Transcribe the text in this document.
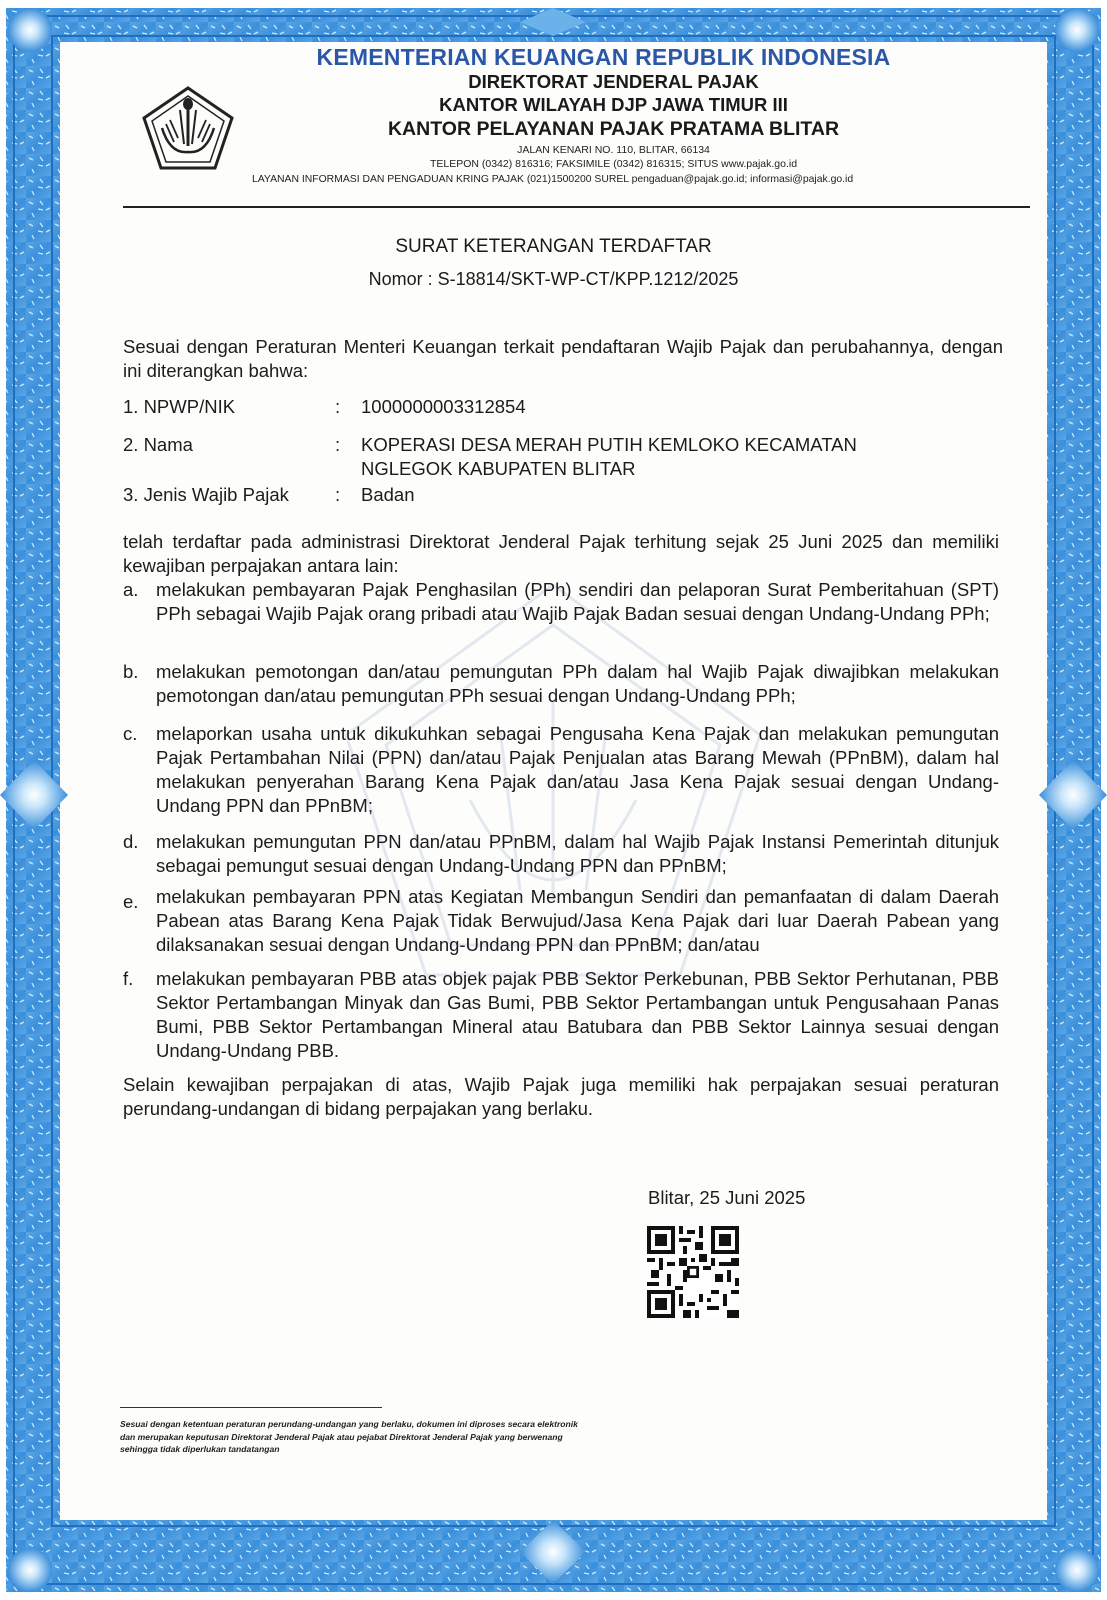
KEMENTERIAN KEUANGAN REPUBLIK INDONESIA
DIREKTORAT JENDERAL PAJAK
KANTOR WILAYAH DJP JAWA TIMUR III
KANTOR PELAYANAN PAJAK PRATAMA BLITAR
JALAN KENARI NO. 110, BLITAR, 66134
TELEPON (0342) 816316; FAKSIMILE (0342) 816315; SITUS www.pajak.go.id
LAYANAN INFORMASI DAN PENGADUAN KRING PAJAK (021)1500200 SUREL pengaduan@pajak.go.id; informasi@pajak.go.id
SURAT KETERANGAN TERDAFTAR
Nomor : S-18814/SKT-WP-CT/KPP.1212/2025
Sesuai dengan Peraturan Menteri Keuangan terkait pendaftaran Wajib Pajak dan perubahannya, dengan ini diterangkan bahwa:
1. NPWP/NIK	: 1000000003312854
2. Nama	: KOPERASI DESA MERAH PUTIH KEMLOKO KECAMATAN
NGLEGOK KABUPATEN BLITAR
3. Jenis Wajib Pajak : Badan
telah terdaftar pada administrasi Direktorat Jenderal Pajak terhitung sejak 25 Juni 2025 dan memiliki kewajiban perpajakan antara lain:
a. melakukan pembayaran Pajak Penghasilan (PPh) sendiri dan pelaporan Surat Pemberitahuan (SPT) PPh sebagai Wajib Pajak orang pribadi atau Wajib Pajak Badan sesuai dengan Undang-Undang PPh;
b. melakukan pemotongan dan/atau pemungutan PPh dalam hal Wajib Pajak diwajibkan melakukan pemotongan dan/atau pemungutan PPh sesuai dengan Undang-Undang PPh;
c. melaporkan usaha untuk dikukuhkan sebagai Pengusaha Kena Pajak dan melakukan pemungutan Pajak Pertambahan Nilai (PPN) dan/atau Pajak Penjualan atas Barang Mewah (PPnBM), dalam hal melakukan penyerahan Barang Kena Pajak dan/atau Jasa Kena Pajak sesuai dengan Undang-Undang PPN dan PPnBM;
d. melakukan pemungutan PPN dan/atau PPnBM, dalam hal Wajib Pajak Instansi Pemerintah ditunjuk sebagai pemungut sesuai dengan Undang-Undang PPN dan PPnBM;
e. melakukan pembayaran PPN atas Kegiatan Membangun Sendiri dan pemanfaatan di dalam Daerah Pabean atas Barang Kena Pajak Tidak Berwujud/Jasa Kena Pajak dari luar Daerah Pabean yang dilaksanakan sesuai dengan Undang-Undang PPN dan PPnBM; dan/atau
f. melakukan pembayaran PBB atas objek pajak PBB Sektor Perkebunan, PBB Sektor Perhutanan, PBB Sektor Pertambangan Minyak dan Gas Bumi, PBB Sektor Pertambangan untuk Pengusahaan Panas Bumi, PBB Sektor Pertambangan Mineral atau Batubara dan PBB Sektor Lainnya sesuai dengan Undang-Undang PBB.
Selain kewajiban perpajakan di atas, Wajib Pajak juga memiliki hak perpajakan sesuai peraturan perundang-undangan di bidang perpajakan yang berlaku.
Blitar, 25 Juni 2025
Sesuai dengan ketentuan peraturan perundang-undangan yang berlaku, dokumen ini diproses secara elektronik dan merupakan keputusan Direktorat Jenderal Pajak atau pejabat Direktorat Jenderal Pajak yang berwenang sehingga tidak diperlukan tandatangan
